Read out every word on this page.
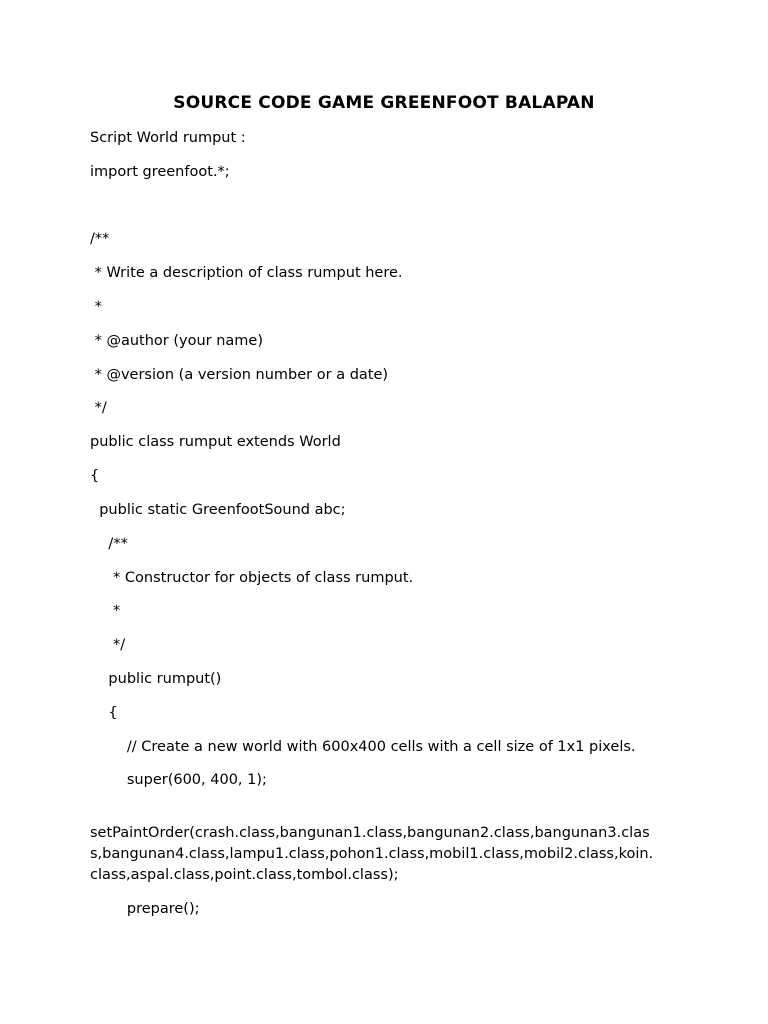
SOURCE CODE GAME GREENFOOT BALAPAN
Script World rumput :
import greenfoot.*;
/**
* Write a description of class rumput here.
*
* @author (your name)
* @version (a version number or a date)
*/
public class rumput extends World
{
public static GreenfootSound abc;
/**
* Constructor for objects of class rumput.
*
*/
public rumput()
{
// Create a new world with 600x400 cells with a cell size of 1x1 pixels.
super(600, 400, 1);
setPaintOrder(crash.class,bangunan1.class,bangunan2.class,bangunan3.clas
s,bangunan4.class,lampu1.class,pohon1.class,mobil1.class,mobil2.class,koin.
class,aspal.class,point.class,tombol.class);
prepare();
